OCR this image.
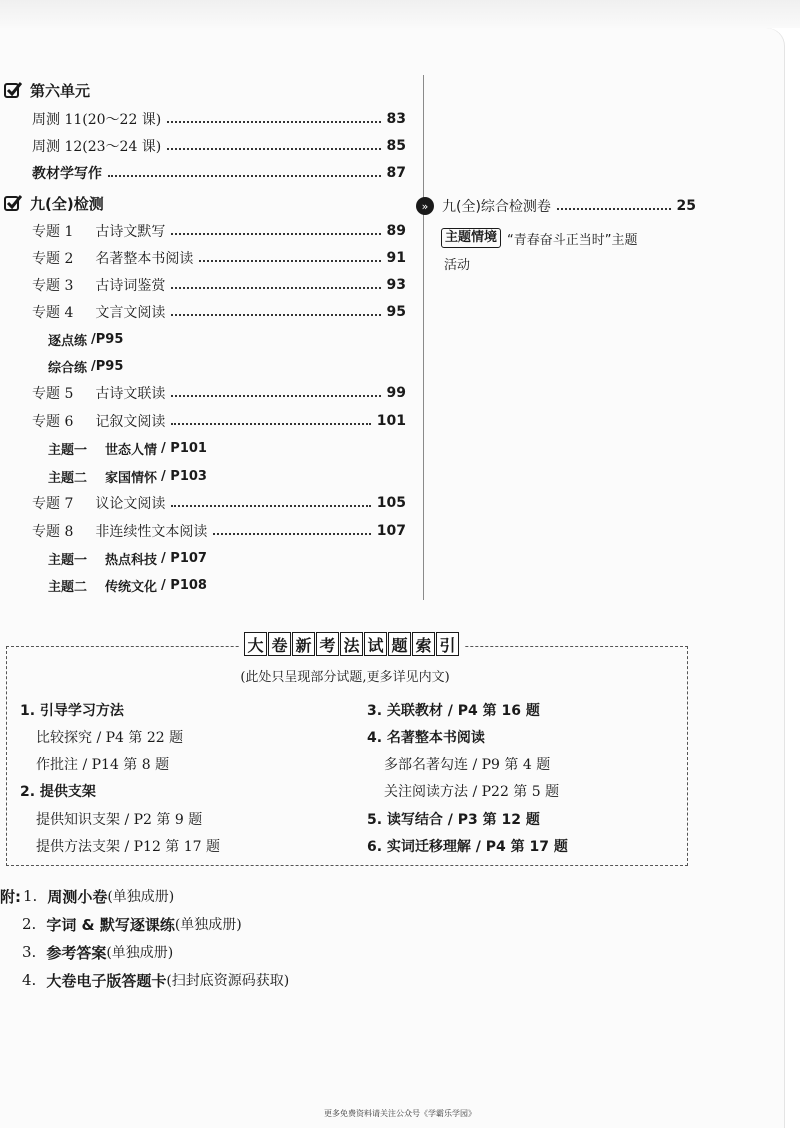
第六单元
周测 11(20～22 课)	83
周测 12(23～24 课)	85
教材学写作	87
九(全)检测
专题 1 古诗文默写	89
专题 2 名著整本书阅读	91
专题 3 古诗词鉴赏	93
专题 4 文言文阅读	95
逐点练 /P95
综合练 /P95
专题 5 古诗文联读	99
专题 6 记叙文阅读	101
主题一 世态人情 / P101
主题二 家国情怀 / P103
专题 7 议论文阅读	105
专题 8 非连续性文本阅读	107
主题一 热点科技 / P107
主题二 传统文化 / P108
» 九(全)综合检测卷	25
主题情境 “青春奋斗正当时”主题
活动
大 卷 新 考 法 试 题 索 引
(此处只呈现部分试题,更多详见内文)
1. 引导学习方法
比较探究 / P4 第 22 题
作批注 / P14 第 8 题
2. 提供支架
提供知识支架 / P2 第 9 题
提供方法支架 / P12 第 17 题
3. 关联教材 / P4 第 16 题
4. 名著整本书阅读
多部名著勾连 / P9 第 4 题
关注阅读方法 / P22 第 5 题
5. 读写结合 / P3 第 12 题
6. 实词迁移理解 / P4 第 17 题
附: 1. 周测小卷 (单独成册)
2. 字词 & 默写逐课练 (单独成册)
3. 参考答案 (单独成册)
4. 大卷电子版答题卡 (扫封底资源码获取)
更多免费资料请关注公众号《学霸乐学园》
